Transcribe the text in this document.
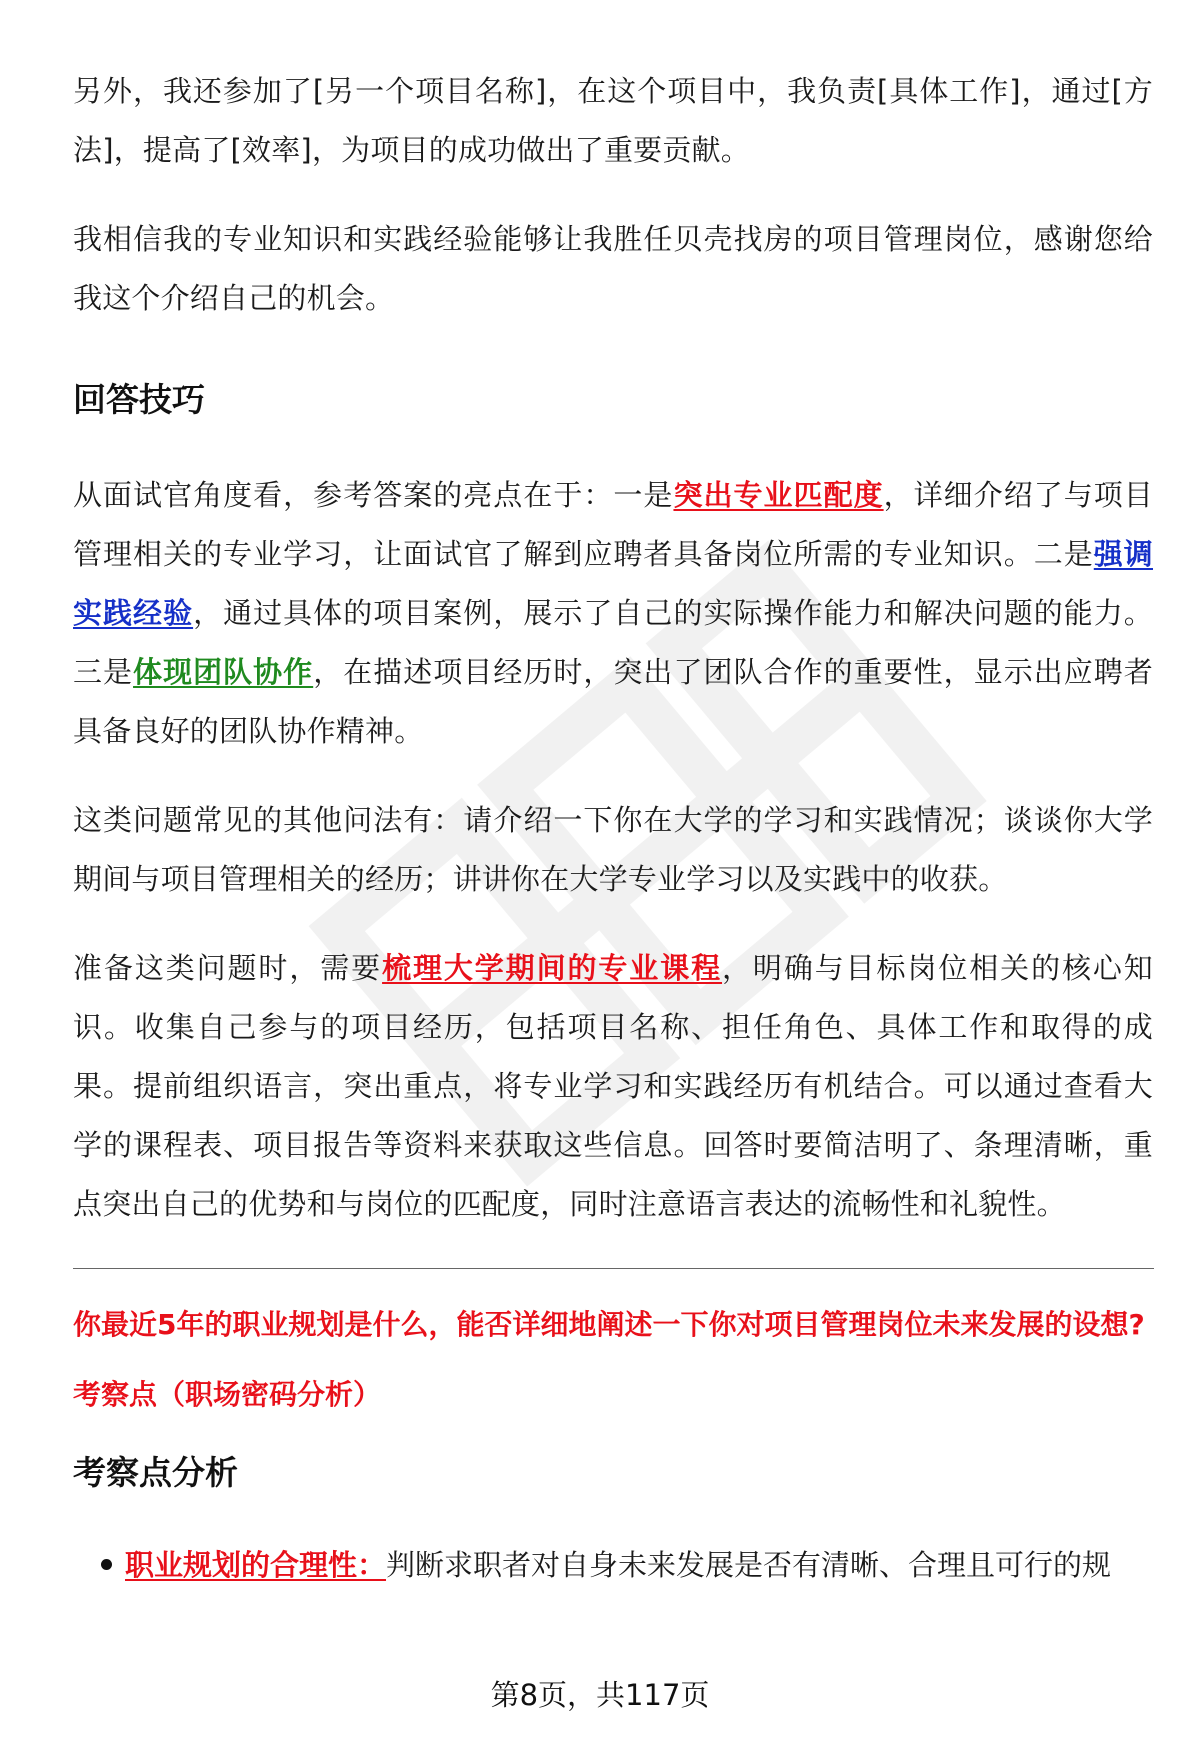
另外，我还参加了[另一个项目名称]，在这个项目中，我负责[具体工作]，通过[方法]，提高了[效率]，为项目的成功做出了重要贡献。

我相信我的专业知识和实践经验能够让我胜任贝壳找房的项目管理岗位，感谢您给我这个介绍自己的机会。

回答技巧

从面试官角度看，参考答案的亮点在于：一是突出专业匹配度，详细介绍了与项目管理相关的专业学习，让面试官了解到应聘者具备岗位所需的专业知识。二是强调实践经验，通过具体的项目案例，展示了自己的实际操作能力和解决问题的能力。三是体现团队协作，在描述项目经历时，突出了团队合作的重要性，显示出应聘者具备良好的团队协作精神。

这类问题常见的其他问法有：请介绍一下你在大学的学习和实践情况；谈谈你大学期间与项目管理相关的经历；讲讲你在大学专业学习以及实践中的收获。

准备这类问题时，需要梳理大学期间的专业课程，明确与目标岗位相关的核心知识。收集自己参与的项目经历，包括项目名称、担任角色、具体工作和取得的成果。提前组织语言，突出重点，将专业学习和实践经历有机结合。可以通过查看大学的课程表、项目报告等资料来获取这些信息。回答时要简洁明了、条理清晰，重点突出自己的优势和与岗位的匹配度，同时注意语言表达的流畅性和礼貌性。

你最近5年的职业规划是什么，能否详细地阐述一下你对项目管理岗位未来发展的设想?

考察点（职场密码分析）
考察点分析
职业规划的合理性：判断求职者对自身未来发展是否有清晰、合理且可行的规
第8页，共117页
